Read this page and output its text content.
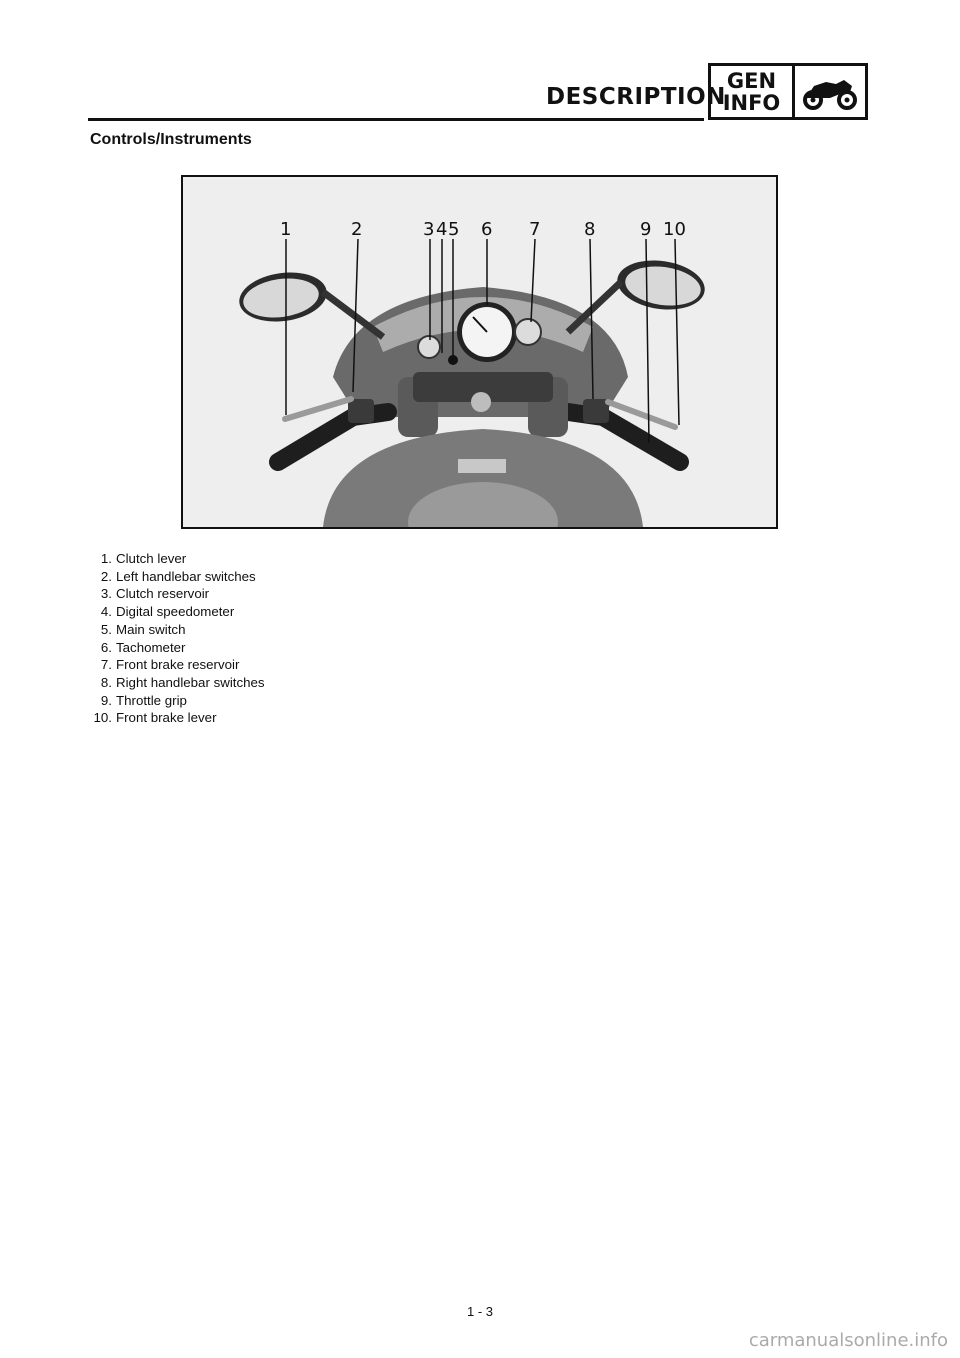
DESCRIPTION
GEN
INFO
Controls/Instruments
1	2	3 4 5 6 7 8 9 10
1. Clutch lever
2. Left handlebar switches
3. Clutch reservoir
4. Digital speedometer
5. Main switch
6. Tachometer
7. Front brake reservoir
8. Right handlebar switches
9. Throttle grip
10. Front brake lever
1 - 3
carmanualsonline.info
